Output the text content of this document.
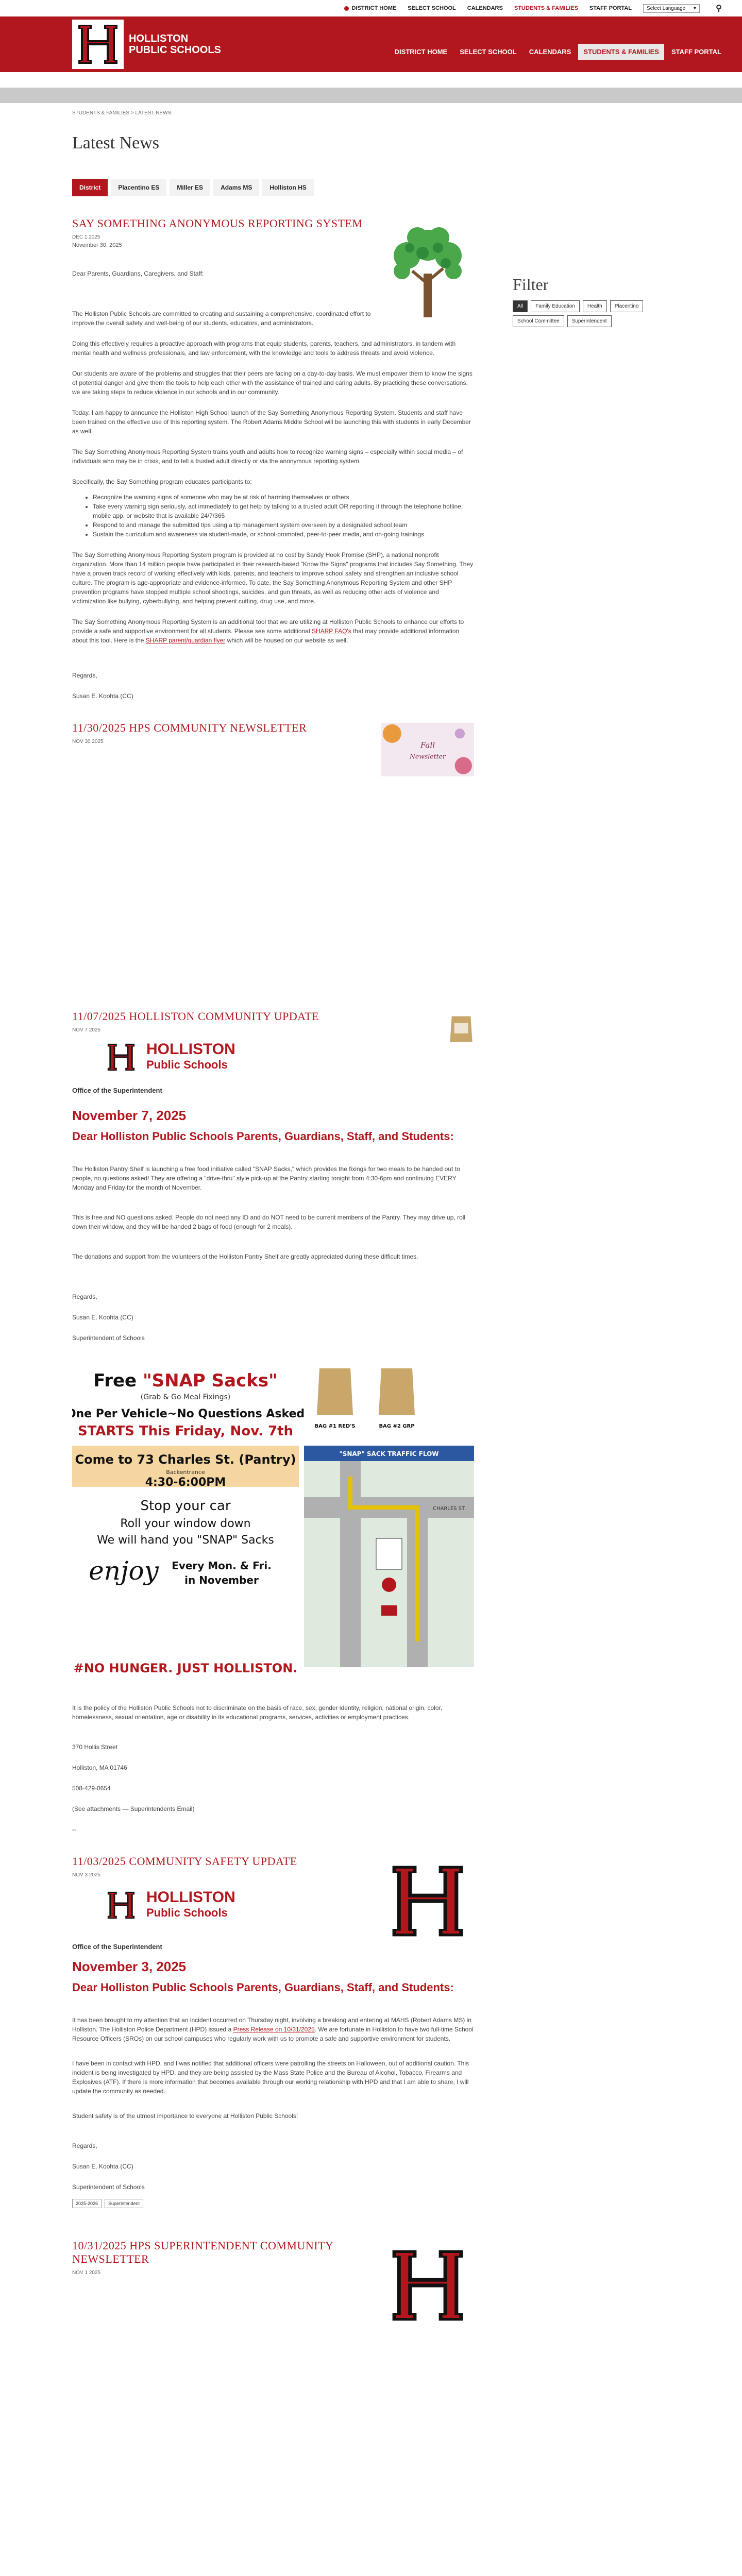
DISTRICT HOME SELECT SCHOOL CALENDARS STUDENTS & FAMILIES STAFF PORTAL	Select Language ▾ ⚲
HOLLISTON
PUBLIC SCHOOLS	DISTRICT HOME	SELECT SCHOOL	CALENDARS	STUDENTS & FAMILIES	STAFF PORTAL
STUDENTS & FAMILIES > LATEST NEWS
Latest News
District	Placentino ES	Miller ES	Adams MS	Holliston HS
Filter
All	Family Education	Health	Placentino
School Committee	Superintendent
SAY SOMETHING ANONYMOUS REPORTING SYSTEM
DEC 1 2025
November 30, 2025

Dear Parents, Guardians, Caregivers, and Staff:

The Holliston Public Schools are committed to creating and sustaining a comprehensive, coordinated effort to improve the overall safety and well-being of our students, educators, and administrators.

Doing this effectively requires a proactive approach with programs that equip students, parents, teachers, and administrators, in tandem with mental health and wellness professionals, and law enforcement, with the knowledge and tools to address threats and avoid violence.

Our students are aware of the problems and struggles that their peers are facing on a day-to-day basis. We must empower them to know the signs of potential danger and give them the tools to help each other with the assistance of trained and caring adults. By practicing these conversations, we are taking steps to reduce violence in our schools and in our community.

Today, I am happy to announce the Holliston High School launch of the Say Something Anonymous Reporting System. Students and staff have been trained on the effective use of this reporting system. The Robert Adams Middle School will be launching this with students in early December as well.

The Say Something Anonymous Reporting System trains youth and adults how to recognize warning signs – especially within social media – of individuals who may be in crisis, and to tell a trusted adult directly or via the anonymous reporting system.

Specifically, the Say Something program educates participants to:

• Recognize the warning signs of someone who may be at risk of harming themselves or others
• Take every warning sign seriously, act immediately to get help by talking to a trusted adult OR reporting it through the telephone hotline, mobile app, or website that is available 24/7/365
• Respond to and manage the submitted tips using a tip management system overseen by a designated school team
• Sustain the curriculum and awareness via student-made, or school-promoted, peer-to-peer media, and on-going trainings

The Say Something Anonymous Reporting System program is provided at no cost by Sandy Hook Promise (SHP), a national nonprofit organization. More than 14 million people have participated in their research-based "Know the Signs" programs that includes Say Something. They have a proven track record of working effectively with kids, parents, and teachers to improve school safety and strengthen an inclusive school culture. The program is age-appropriate and evidence-informed. To date, the Say Something Anonymous Reporting System and other SHP prevention programs have stopped multiple school shootings, suicides, and gun threats, as well as reducing other acts of violence and victimization like bullying, cyberbullying, and helping prevent cutting, drug use, and more.

The Say Something Anonymous Reporting System is an additional tool that we are utilizing at Holliston Public Schools to enhance our efforts to provide a safe and supportive environment for all students. Please see some additional SHARP FAQ's that may provide additional information about this tool. Here is the SHARP parent/guardian flyer which will be housed on our website as well.

Regards,

Susan E. Koohta (CC)

Fall
Newsletter
11/30/2025 HPS COMMUNITY NEWSLETTER
NOV 30 2025
11/07/2025 HOLLISTON COMMUNITY UPDATE
NOV 7 2025
HOLLISTON
Public Schools
Office of the Superintendent
November 7, 2025
Dear Holliston Public Schools Parents, Guardians, Staff, and Students:

The Holliston Pantry Shelf is launching a free food initiative called "SNAP Sacks," which provides the fixings for two meals to be handed out to people, no questions asked! They are offering a "drive-thru" style pick-up at the Pantry starting tonight from 4:30-6pm and continuing EVERY Monday and Friday for the month of November.

This is free and NO questions asked. People do not need any ID and do NOT need to be current members of the Pantry. They may drive up, roll down their window, and they will be handed 2 bags of food (enough for 2 meals).

The donations and support from the volunteers of the Holliston Pantry Shelf are greatly appreciated during these difficult times.

Regards,

Susan E. Koohta (CC)

Superintendent of Schools

Free "SNAP Sacks"
(Grab & Go Meal Fixings)
One Per Vehicle~No Questions Asked
STARTS This Friday, Nov. 7th
Come to 73 Charles St. (Pantry)
Backentrance
4:30-6:00PM
Stop your car
Roll your window down
We will hand you "SNAP" Sacks
enjoy Every Mon. & Fri.
in November
#NO HUNGER. JUST HOLLISTON.
BAG #1 RED'S	BAG #2 GRP
"SNAP" SACK TRAFFIC FLOW
CHARLES ST.

It is the policy of the Holliston Public Schools not to discriminate on the basis of race, sex, gender identity, religion, national origin, color, homelessness, sexual orientation, age or disability in its educational programs, services, activities or employment practices.

370 Hollis Street

Holliston, MA 01746

508-429-0654

(See attachments — Superintendents Email)

--

11/03/2025 COMMUNITY SAFETY UPDATE
NOV 3 2025
HOLLISTON
Public Schools
Office of the Superintendent
November 3, 2025
Dear Holliston Public Schools Parents, Guardians, Staff, and Students:

It has been brought to my attention that an incident occurred on Thursday night, involving a breaking and entering at MAHS (Robert Adams MS) in Holliston. The Holliston Police Department (HPD) issued a Press Release on 10/31/2025. We are fortunate in Holliston to have two full-time School Resource Officers (SROs) on our school campuses who regularly work with us to promote a safe and supportive environment for students.

I have been in contact with HPD, and I was notified that additional officers were patrolling the streets on Halloween, out of additional caution. This incident is being investigated by HPD, and they are being assisted by the Mass State Police and the Bureau of Alcohol, Tobacco, Firearms and Explosives (ATF). If there is more information that becomes available through our working relationship with HPD and that I am able to share, I will update the community as needed.

Student safety is of the utmost importance to everyone at Holliston Public Schools!

Regards,

Susan E. Koohta (CC)

Superintendent of Schools

2025-2026	Superintendent
10/31/2025 HPS SUPERINTENDENT COMMUNITY NEWSLETTER
NOV 1 2025
